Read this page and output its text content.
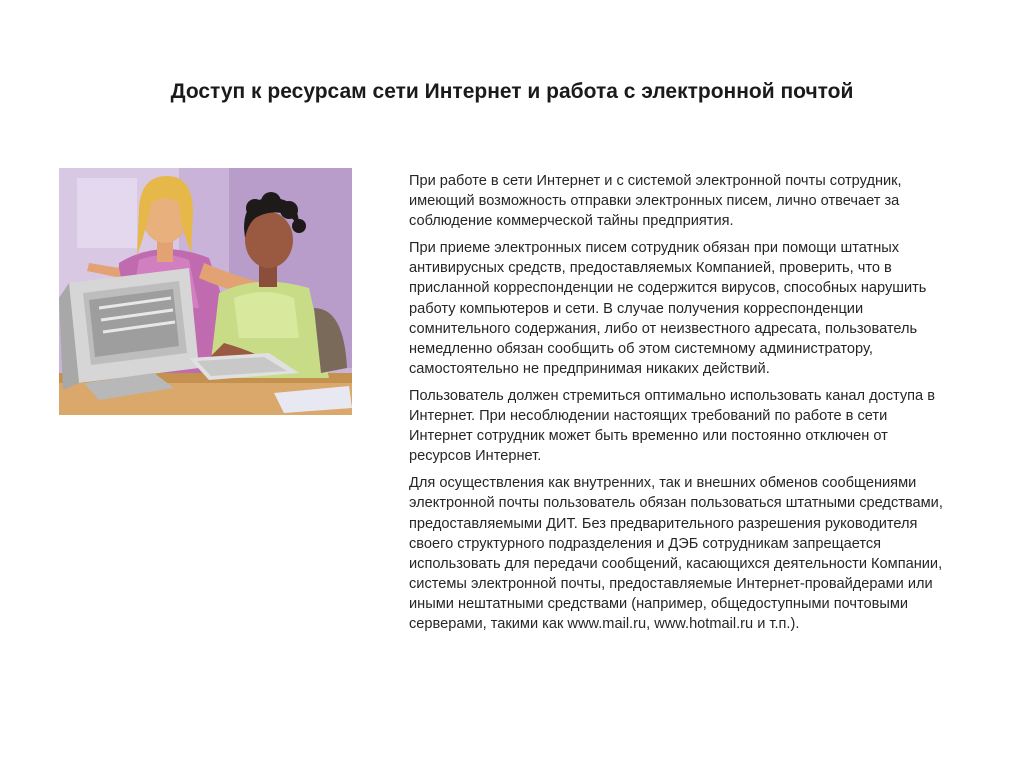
Доступ к ресурсам сети Интернет и работа с электронной почтой

При работе в сети Интернет и с системой электронной почты сотрудник, имеющий возможность отправки электронных писем, лично отвечает за соблюдение коммерческой тайны предприятия.

При приеме электронных писем сотрудник обязан при помощи штатных антивирусных средств, предоставляемых Компанией, проверить, что в присланной корреспонденции не содержится вирусов, способных нарушить работу компьютеров и сети. В случае получения корреспонденции сомнительного содержания, либо от неизвестного адресата, пользователь немедленно обязан сообщить об этом системному администратору, самостоятельно не предпринимая никаких действий.

Пользователь должен стремиться оптимально использовать канал доступа в Интернет. При несоблюдении настоящих требований по работе в сети Интернет сотрудник может быть временно или постоянно отключен от ресурсов Интернет.

Для осуществления как внутренних, так и внешних обменов сообщениями электронной почты пользователь обязан пользоваться штатными средствами, предоставляемыми ДИТ. Без предварительного разрешения руководителя своего структурного подразделения и ДЭБ сотрудникам запрещается использовать для передачи сообщений, касающихся деятельности Компании, системы электронной почты, предоставляемые Интернет-провайдерами или иными нештатными средствами (например, общедоступными почтовыми серверами, такими как www.mail.ru, www.hotmail.ru и т.п.).
